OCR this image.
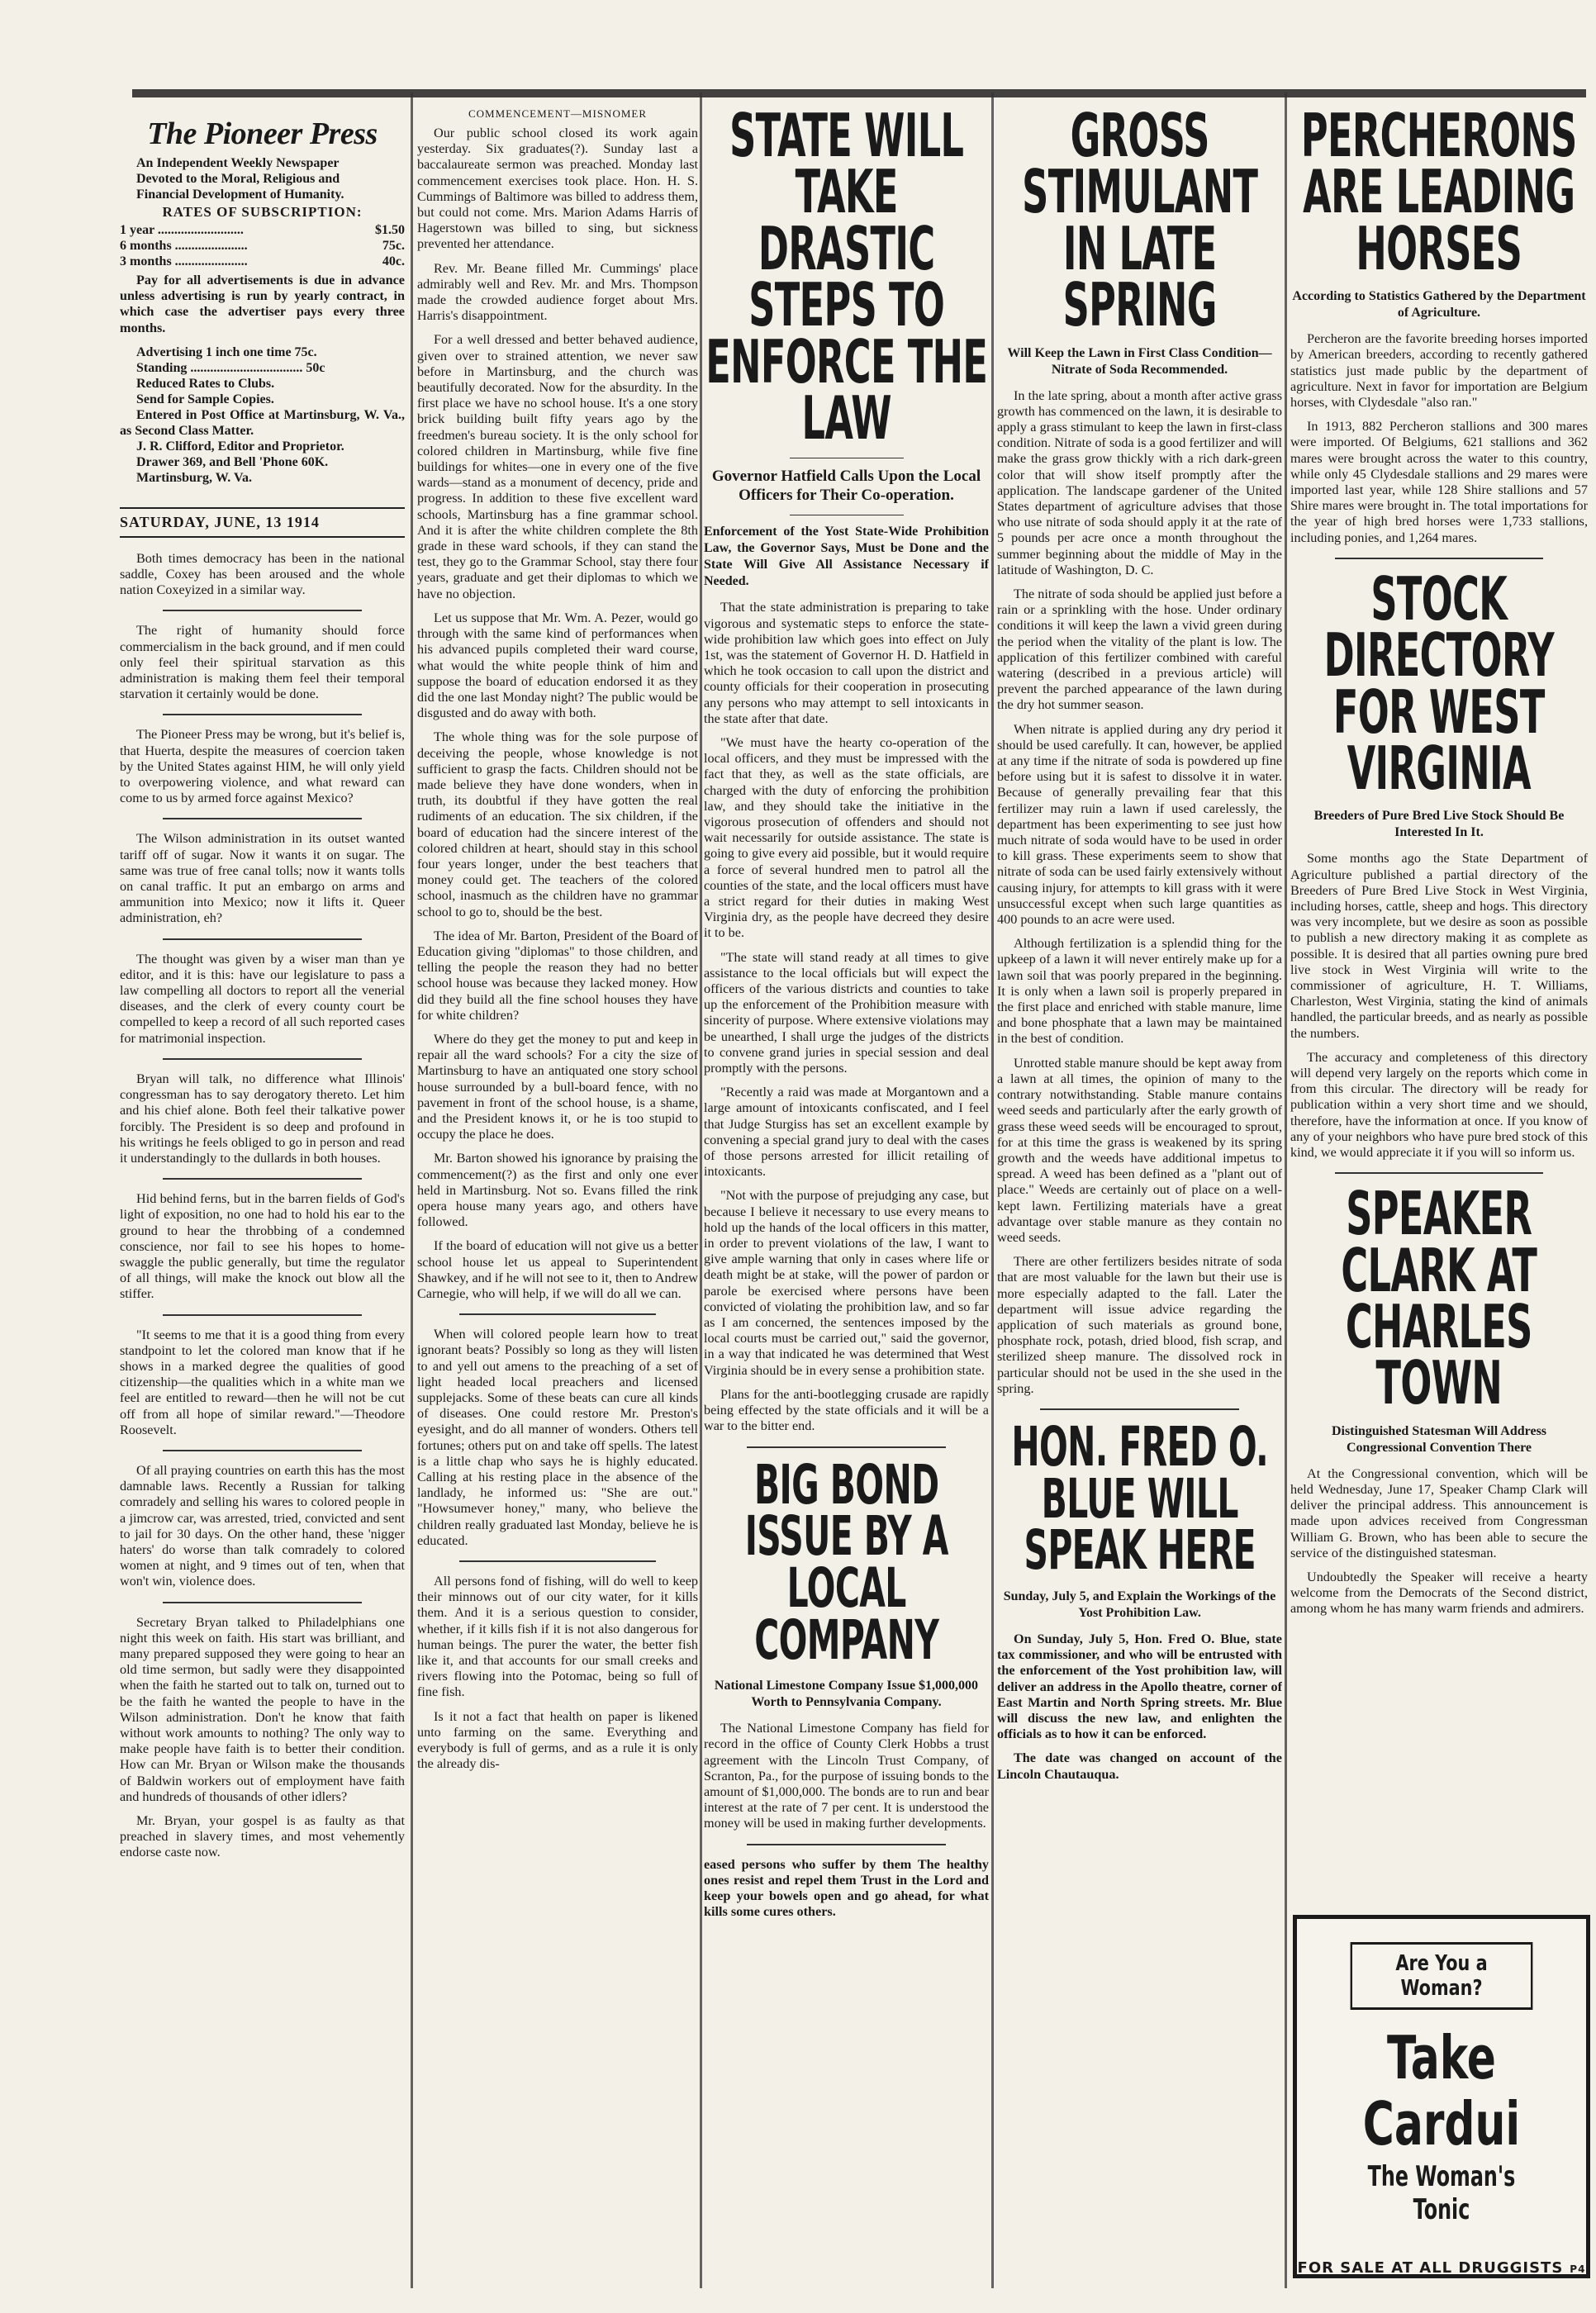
The Pioneer Press

An Independent Weekly Newspaper

Devoted to the Moral, Religious and

Financial Development of Humanity.

RATES OF SUBSCRIPTION:
1 year ..........................	$1.50
6 months ......................	75c.
3 months ......................	40c.

Pay for all advertisements is due in advance unless advertising is run by yearly contract, in which case the advertiser pays every three months.

Advertising 1 inch one time 75c.

Standing .................................. 50c

Reduced Rates to Clubs.

Send for Sample Copies.

Entered in Post Office at Martinsburg, W. Va., as Second Class Matter.

J. R. Clifford, Editor and Proprietor.

Drawer 369, and Bell 'Phone 60K.

Martinsburg, W. Va.

SATURDAY, JUNE, 13 1914

Both times democracy has been in the national saddle, Coxey has been aroused and the whole nation Coxeyized in a similar way.

The right of humanity should force commercialism in the back ground, and if men could only feel their spiritual starvation as this administration is making them feel their temporal starvation it certainly would be done.

The Pioneer Press may be wrong, but it's belief is, that Huerta, despite the measures of coercion taken by the United States against HIM, he will only yield to overpowering violence, and what reward can come to us by armed force against Mexico?

The Wilson administration in its outset wanted tariff off of sugar. Now it wants it on sugar. The same was true of free canal tolls; now it wants tolls on canal traffic. It put an embargo on arms and ammunition into Mexico; now it lifts it. Queer administration, eh?

The thought was given by a wiser man than ye editor, and it is this: have our legislature to pass a law compelling all doctors to report all the venerial diseases, and the clerk of every county court be compelled to keep a record of all such reported cases for matrimonial inspection.

Bryan will talk, no difference what Illinois' congressman has to say derogatory thereto. Let him and his chief alone. Both feel their talkative power forcibly. The President is so deep and profound in his writings he feels obliged to go in person and read it understandingly to the dullards in both houses.

Hid behind ferns, but in the barren fields of God's light of exposition, no one had to hold his ear to the ground to hear the throbbing of a condemned conscience, nor fail to see his hopes to home-swaggle the public generally, but time the regulator of all things, will make the knock out blow all the stiffer.

"It seems to me that it is a good thing from every standpoint to let the colored man know that if he shows in a marked degree the qualities of good citizenship—the qualities which in a white man we feel are entitled to reward—then he will not be cut off from all hope of similar reward."—Theodore Roosevelt.

Of all praying countries on earth this has the most damnable laws. Recently a Russian for talking comradely and selling his wares to colored people in a jimcrow car, was arrested, tried, convicted and sent to jail for 30 days. On the other hand, these 'nigger haters' do worse than talk comradely to colored women at night, and 9 times out of ten, when that won't win, violence does.

Secretary Bryan talked to Philadelphians one night this week on faith. His start was brilliant, and many prepared supposed they were going to hear an old time sermon, but sadly were they disappointed when the faith he started out to talk on, turned out to be the faith he wanted the people to have in the Wilson administration. Don't he know that faith without work amounts to nothing? The only way to make people have faith is to better their condition. How can Mr. Bryan or Wilson make the thousands of Baldwin workers out of employment have faith and hundreds of thousands of other idlers?

Mr. Bryan, your gospel is as faulty as that preached in slavery times, and most vehemently endorse caste now.

COMMENCEMENT—MISNOMER

Our public school closed its work again yesterday. Six graduates(?). Sunday last a baccalaureate sermon was preached. Monday last commencement exercises took place. Hon. H. S. Cummings of Baltimore was billed to address them, but could not come. Mrs. Marion Adams Harris of Hagerstown was billed to sing, but sickness prevented her attendance.

Rev. Mr. Beane filled Mr. Cummings' place admirably well and Rev. Mr. and Mrs. Thompson made the crowded audience forget about Mrs. Harris's disappointment.

For a well dressed and better behaved audience, given over to strained attention, we never saw before in Martinsburg, and the church was beautifully decorated. Now for the absurdity. In the first place we have no school house. It's a one story brick building built fifty years ago by the freedmen's bureau society. It is the only school for colored children in Martinsburg, while five fine buildings for whites—one in every one of the five wards—stand as a monument of decency, pride and progress. In addition to these five excellent ward schools, Martinsburg has a fine grammar school. And it is after the white children complete the 8th grade in these ward schools, if they can stand the test, they go to the Grammar School, stay there four years, graduate and get their diplomas to which we have no objection.

Let us suppose that Mr. Wm. A. Pezer, would go through with the same kind of performances when his advanced pupils completed their ward course, what would the white people think of him and suppose the board of education endorsed it as they did the one last Monday night? The public would be disgusted and do away with both.

The whole thing was for the sole purpose of deceiving the people, whose knowledge is not sufficient to grasp the facts. Children should not be made believe they have done wonders, when in truth, its doubtful if they have gotten the real rudiments of an education. The six children, if the board of education had the sincere interest of the colored children at heart, should stay in this school four years longer, under the best teachers that money could get. The teachers of the colored school, inasmuch as the children have no grammar school to go to, should be the best.

The idea of Mr. Barton, President of the Board of Education giving "diplomas" to those children, and telling the people the reason they had no better school house was because they lacked money. How did they build all the fine school houses they have for white children?

Where do they get the money to put and keep in repair all the ward schools? For a city the size of Martinsburg to have an antiquated one story school house surrounded by a bull-board fence, with no pavement in front of the school house, is a shame, and the President knows it, or he is too stupid to occupy the place he does.

Mr. Barton showed his ignorance by praising the commencement(?) as the first and only one ever held in Martinsburg. Not so. Evans filled the rink opera house many years ago, and others have followed.

If the board of education will not give us a better school house let us appeal to Superintendent Shawkey, and if he will not see to it, then to Andrew Carnegie, who will help, if we will do all we can.

When will colored people learn how to treat ignorant beats? Possibly so long as they will listen to and yell out amens to the preaching of a set of light headed local preachers and licensed supplejacks. Some of these beats can cure all kinds of diseases. One could restore Mr. Preston's eyesight, and do all manner of wonders. Others tell fortunes; others put on and take off spells. The latest is a little chap who says he is highly educated. Calling at his resting place in the absence of the landlady, he informed us: "She are out." "Howsumever honey," many, who believe the children really graduated last Monday, believe he is educated.

All persons fond of fishing, will do well to keep their minnows out of our city water, for it kills them. And it is a serious question to consider, whether, if it kills fish if it is not also dangerous for human beings. The purer the water, the better fish like it, and that accounts for our small creeks and rivers flowing into the Potomac, being so full of fine fish.

Is it not a fact that health on paper is likened unto farming on the same. Everything and everybody is full of germs, and as a rule it is only the already dis-

STATE WILL TAKE DRASTIC STEPS TO ENFORCE THE LAW
Governor Hatfield Calls Upon the Local Officers for Their Co-operation.
Enforcement of the Yost State-Wide Prohibition Law, the Governor Says, Must be Done and the State Will Give All Assistance Necessary if Needed.

That the state administration is preparing to take vigorous and systematic steps to enforce the state-wide prohibition law which goes into effect on July 1st, was the statement of Governor H. D. Hatfield in which he took occasion to call upon the district and county officials for their cooperation in prosecuting any persons who may attempt to sell intoxicants in the state after that date.

"We must have the hearty co-operation of the local officers, and they must be impressed with the fact that they, as well as the state officials, are charged with the duty of enforcing the prohibition law, and they should take the initiative in the vigorous prosecution of offenders and should not wait necessarily for outside assistance. The state is going to give every aid possible, but it would require a force of several hundred men to patrol all the counties of the state, and the local officers must have a strict regard for their duties in making West Virginia dry, as the people have decreed they desire it to be.

"The state will stand ready at all times to give assistance to the local officials but will expect the officers of the various districts and counties to take up the enforcement of the Prohibition measure with sincerity of purpose. Where extensive violations may be unearthed, I shall urge the judges of the districts to convene grand juries in special session and deal promptly with the persons.

"Recently a raid was made at Morgantown and a large amount of intoxicants confiscated, and I feel that Judge Sturgiss has set an excellent example by convening a special grand jury to deal with the cases of those persons arrested for illicit retailing of intoxicants.

"Not with the purpose of prejudging any case, but because I believe it necessary to use every means to hold up the hands of the local officers in this matter, in order to prevent violations of the law, I want to give ample warning that only in cases where life or death might be at stake, will the power of pardon or parole be exercised where persons have been convicted of violating the prohibition law, and so far as I am concerned, the sentences imposed by the local courts must be carried out," said the governor, in a way that indicated he was determined that West Virginia should be in every sense a prohibition state.

Plans for the anti-bootlegging crusade are rapidly being effected by the state officials and it will be a war to the bitter end.

BIG BOND ISSUE BY A LOCAL COMPANY
National Limestone Company Issue $1,000,000 Worth to Pennsylvania Company.

The National Limestone Company has field for record in the office of County Clerk Hobbs a trust agreement with the Lincoln Trust Company, of Scranton, Pa., for the purpose of issuing bonds to the amount of $1,000,000. The bonds are to run and bear interest at the rate of 7 per cent. It is understood the money will be used in making further developments.

eased persons who suffer by them The healthy ones resist and repel them Trust in the Lord and keep your bowels open and go ahead, for what kills some cures others.

GROSS STIMULANT IN LATE SPRING
Will Keep the Lawn in First Class Condition—Nitrate of Soda Recommended.

In the late spring, about a month after active grass growth has commenced on the lawn, it is desirable to apply a grass stimulant to keep the lawn in first-class condition. Nitrate of soda is a good fertilizer and will make the grass grow thickly with a rich dark-green color that will show itself promptly after the application. The landscape gardener of the United States department of agriculture advises that those who use nitrate of soda should apply it at the rate of 5 pounds per acre once a month throughout the summer beginning about the middle of May in the latitude of Washington, D. C.

The nitrate of soda should be applied just before a rain or a sprinkling with the hose. Under ordinary conditions it will keep the lawn a vivid green during the period when the vitality of the plant is low. The application of this fertilizer combined with careful watering (described in a previous article) will prevent the parched appearance of the lawn during the dry hot summer season.

When nitrate is applied during any dry period it should be used carefully. It can, however, be applied at any time if the nitrate of soda is powdered up fine before using but it is safest to dissolve it in water. Because of generally prevailing fear that this fertilizer may ruin a lawn if used carelessly, the department has been experimenting to see just how much nitrate of soda would have to be used in order to kill grass. These experiments seem to show that nitrate of soda can be used fairly extensively without causing injury, for attempts to kill grass with it were unsuccessful except when such large quantities as 400 pounds to an acre were used.

Although fertilization is a splendid thing for the upkeep of a lawn it will never entirely make up for a lawn soil that was poorly prepared in the beginning. It is only when a lawn soil is properly prepared in the first place and enriched with stable manure, lime and bone phosphate that a lawn may be maintained in the best of condition.

Unrotted stable manure should be kept away from a lawn at all times, the opinion of many to the contrary notwithstanding. Stable manure contains weed seeds and particularly after the early growth of grass these weed seeds will be encouraged to sprout, for at this time the grass is weakened by its spring growth and the weeds have additional impetus to spread. A weed has been defined as a "plant out of place." Weeds are certainly out of place on a well-kept lawn. Fertilizing materials have a great advantage over stable manure as they contain no weed seeds.

There are other fertilizers besides nitrate of soda that are most valuable for the lawn but their use is more especially adapted to the fall. Later the department will issue advice regarding the application of such materials as ground bone, phosphate rock, potash, dried blood, fish scrap, and sterilized sheep manure. The dissolved rock in particular should not be used in the she used in the spring.

HON. FRED O. BLUE WILL SPEAK HERE
Sunday, July 5, and Explain the Workings of the Yost Prohibition Law.

On Sunday, July 5, Hon. Fred O. Blue, state tax commissioner, and who will be entrusted with the enforcement of the Yost prohibition law, will deliver an address in the Apollo theatre, corner of East Martin and North Spring streets. Mr. Blue will discuss the new law, and enlighten the officials as to how it can be enforced.

The date was changed on account of the Lincoln Chautauqua.

PERCHERONS ARE LEADING HORSES
According to Statistics Gathered by the Department of Agriculture.

Percheron are the favorite breeding horses imported by American breeders, according to recently gathered statistics just made public by the department of agriculture. Next in favor for importation are Belgium horses, with Clydesdale "also ran."

In 1913, 882 Percheron stallions and 300 mares were imported. Of Belgiums, 621 stallions and 362 mares were brought across the water to this country, while only 45 Clydesdale stallions and 29 mares were imported last year, while 128 Shire stallions and 57 Shire mares were brought in. The total importations for the year of high bred horses were 1,733 stallions, including ponies, and 1,264 mares.

STOCK DIRECTORY FOR WEST VIRGINIA
Breeders of Pure Bred Live Stock Should Be Interested In It.

Some months ago the State Department of Agriculture published a partial directory of the Breeders of Pure Bred Live Stock in West Virginia, including horses, cattle, sheep and hogs. This directory was very incomplete, but we desire as soon as possible to publish a new directory making it as complete as possible. It is desired that all parties owning pure bred live stock in West Virginia will write to the commissioner of agriculture, H. T. Williams, Charleston, West Virginia, stating the kind of animals handled, the particular breeds, and as nearly as possible the numbers.

The accuracy and completeness of this directory will depend very largely on the reports which come in from this circular. The directory will be ready for publication within a very short time and we should, therefore, have the information at once. If you know of any of your neighbors who have pure bred stock of this kind, we would appreciate it if you will so inform us.

SPEAKER CLARK AT CHARLES TOWN
Distinguished Statesman Will Address Congressional Convention There

At the Congressional convention, which will be held Wednesday, June 17, Speaker Champ Clark will deliver the principal address. This announcement is made upon advices received from Congressman William G. Brown, who has been able to secure the service of the distinguished statesman.

Undoubtedly the Speaker will receive a hearty welcome from the Democrats of the Second district, among whom he has many warm friends and admirers.

Are You a Woman?
Take Cardui
The Woman's Tonic
FOR SALE AT ALL DRUGGISTS P4
